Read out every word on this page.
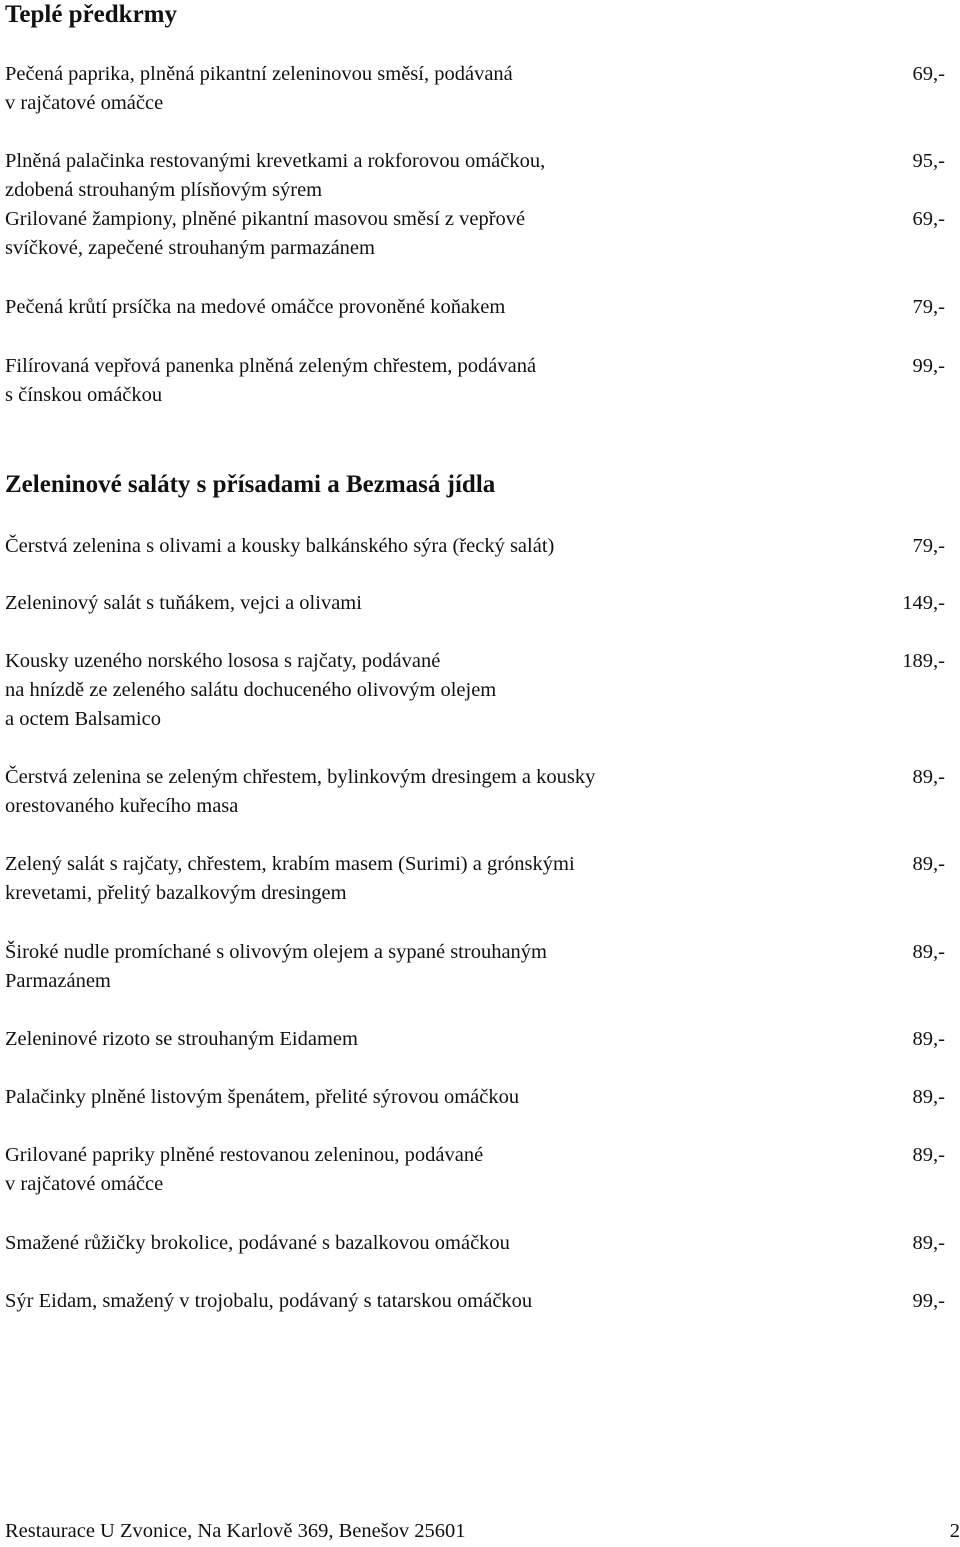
Teplé předkrmy
Pečená paprika, plněná pikantní zeleninovou směsí, podávaná
v rajčatové omáčce
69,-
Plněná palačinka restovanými krevetkami a rokforovou omáčkou,
zdobená strouhaným plísňovým sýrem
95,-
Grilované žampiony, plněné pikantní masovou směsí z vepřové
svíčkové, zapečené strouhaným parmazánem
69,-
Pečená krůtí prsíčka na medové omáčce provoněné koňakem	79,-
Filírovaná vepřová panenka plněná zeleným chřestem, podávaná
s čínskou omáčkou
99,-
Zeleninové saláty s přísadami a Bezmasá jídla
Čerstvá zelenina s olivami a kousky balkánského sýra (řecký salát)	79,-
Zeleninový salát s tuňákem, vejci a olivami	149,-
Kousky uzeného norského lososa s rajčaty, podávané
na hnízdě ze zeleného salátu dochuceného olivovým olejem
a octem Balsamico
189,-
Čerstvá zelenina se zeleným chřestem, bylinkovým dresingem a kousky
orestovaného kuřecího masa
89,-
Zelený salát s rajčaty, chřestem, krabím masem (Surimi) a grónskými
krevetami, přelitý bazalkovým dresingem
89,-
Široké nudle promíchané s olivovým olejem a sypané strouhaným
Parmazánem
89,-
Zeleninové rizoto se strouhaným Eidamem	89,-
Palačinky plněné listovým špenátem, přelité sýrovou omáčkou	89,-
Grilované papriky plněné restovanou zeleninou, podávané
v rajčatové omáčce
89,-
Smažené růžičky brokolice, podávané s bazalkovou omáčkou	89,-
Sýr Eidam, smažený v trojobalu, podávaný s tatarskou omáčkou	99,-
Restaurace U Zvonice, Na Karlově 369, Benešov 25601	2
